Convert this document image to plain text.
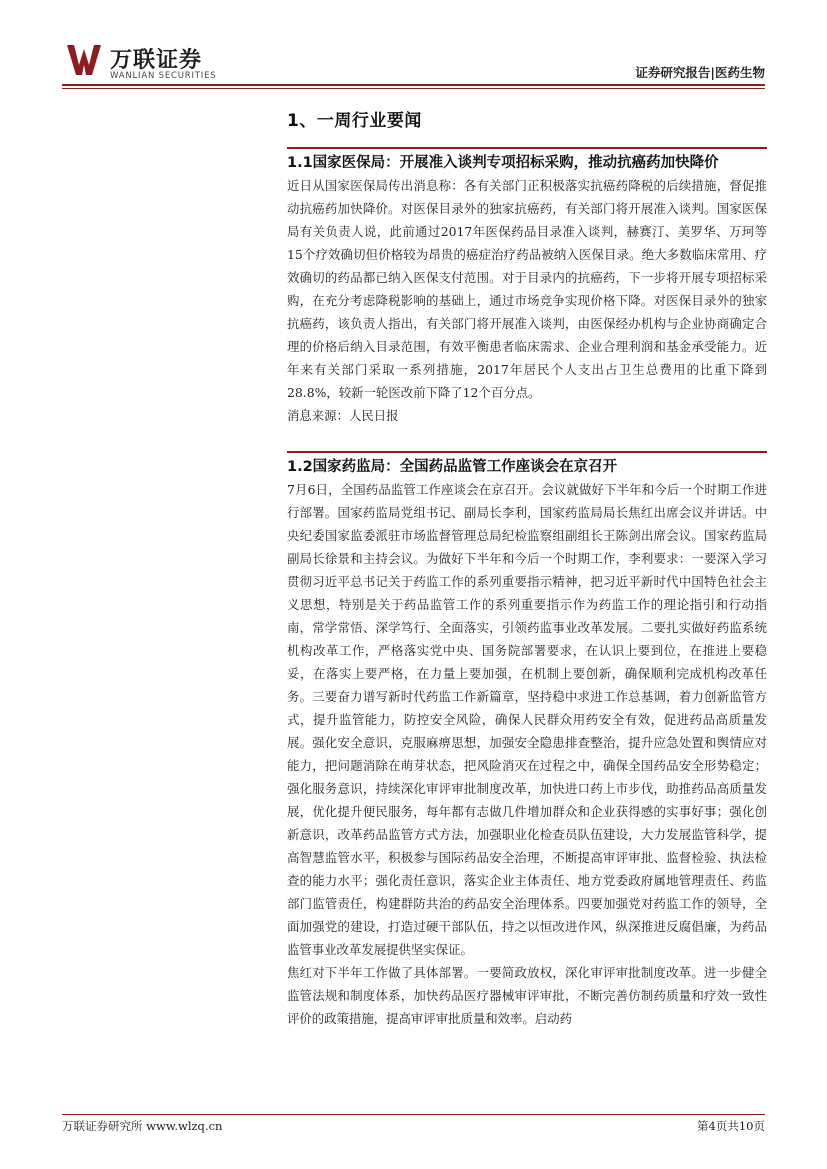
万联证券
WANLIAN SECURITIES	证券研究报告|医药生物
1、一周行业要闻
1.1国家医保局：开展准入谈判专项招标采购，推动抗癌药加快降价

近日从国家医保局传出消息称：各有关部门正积极落实抗癌药降税的后续措施，督促推动抗癌药加快降价。对医保目录外的独家抗癌药，有关部门将开展准入谈判。国家医保局有关负责人说，此前通过2017年医保药品目录准入谈判，赫赛汀、美罗华、万珂等15个疗效确切但价格较为昂贵的癌症治疗药品被纳入医保目录。绝大多数临床常用、疗效确切的药品都已纳入医保支付范围。对于目录内的抗癌药，下一步将开展专项招标采购，在充分考虑降税影响的基础上，通过市场竞争实现价格下降。对医保目录外的独家抗癌药，该负责人指出，有关部门将开展准入谈判，由医保经办机构与企业协商确定合理的价格后纳入目录范围，有效平衡患者临床需求、企业合理利润和基金承受能力。近年来有关部门采取一系列措施，2017年居民个人支出占卫生总费用的比重下降到28.8%，较新一轮医改前下降了12个百分点。

消息来源：人民日报

1.2国家药监局：全国药品监管工作座谈会在京召开

7月6日，全国药品监管工作座谈会在京召开。会议就做好下半年和今后一个时期工作进行部署。国家药监局党组书记、副局长李利，国家药监局局长焦红出席会议并讲话。中央纪委国家监委派驻市场监督管理总局纪检监察组副组长王陈剑出席会议。国家药监局副局长徐景和主持会议。为做好下半年和今后一个时期工作，李利要求：一要深入学习贯彻习近平总书记关于药监工作的系列重要指示精神，把习近平新时代中国特色社会主义思想，特别是关于药品监管工作的系列重要指示作为药监工作的理论指引和行动指南，常学常悟、深学笃行、全面落实，引领药监事业改革发展。二要扎实做好药监系统机构改革工作，严格落实党中央、国务院部署要求，在认识上要到位，在推进上要稳妥，在落实上要严格，在力量上要加强，在机制上要创新，确保顺利完成机构改革任务。三要奋力谱写新时代药监工作新篇章，坚持稳中求进工作总基调，着力创新监管方式，提升监管能力，防控安全风险，确保人民群众用药安全有效，促进药品高质量发展。强化安全意识，克服麻痹思想，加强安全隐患排查整治，提升应急处置和舆情应对能力，把问题消除在萌芽状态，把风险消灭在过程之中，确保全国药品安全形势稳定；强化服务意识，持续深化审评审批制度改革，加快进口药上市步伐，助推药品高质量发展，优化提升便民服务，每年都有志做几件增加群众和企业获得感的实事好事；强化创新意识，改革药品监管方式方法，加强职业化检查员队伍建设，大力发展监管科学，提高智慧监管水平，积极参与国际药品安全治理，不断提高审评审批、监督检验、执法检查的能力水平；强化责任意识，落实企业主体责任、地方党委政府属地管理责任、药监部门监管责任，构建群防共治的药品安全治理体系。四要加强党对药监工作的领导，全面加强党的建设，打造过硬干部队伍，持之以恒改进作风，纵深推进反腐倡廉，为药品监管事业改革发展提供坚实保证。

焦红对下半年工作做了具体部署。一要简政放权，深化审评审批制度改革。进一步健全监管法规和制度体系，加快药品医疗器械审评审批，不断完善仿制药质量和疗效一致性评价的政策措施，提高审评审批质量和效率。启动药

万联证券研究所 www.wlzq.cn	第4页共10页
